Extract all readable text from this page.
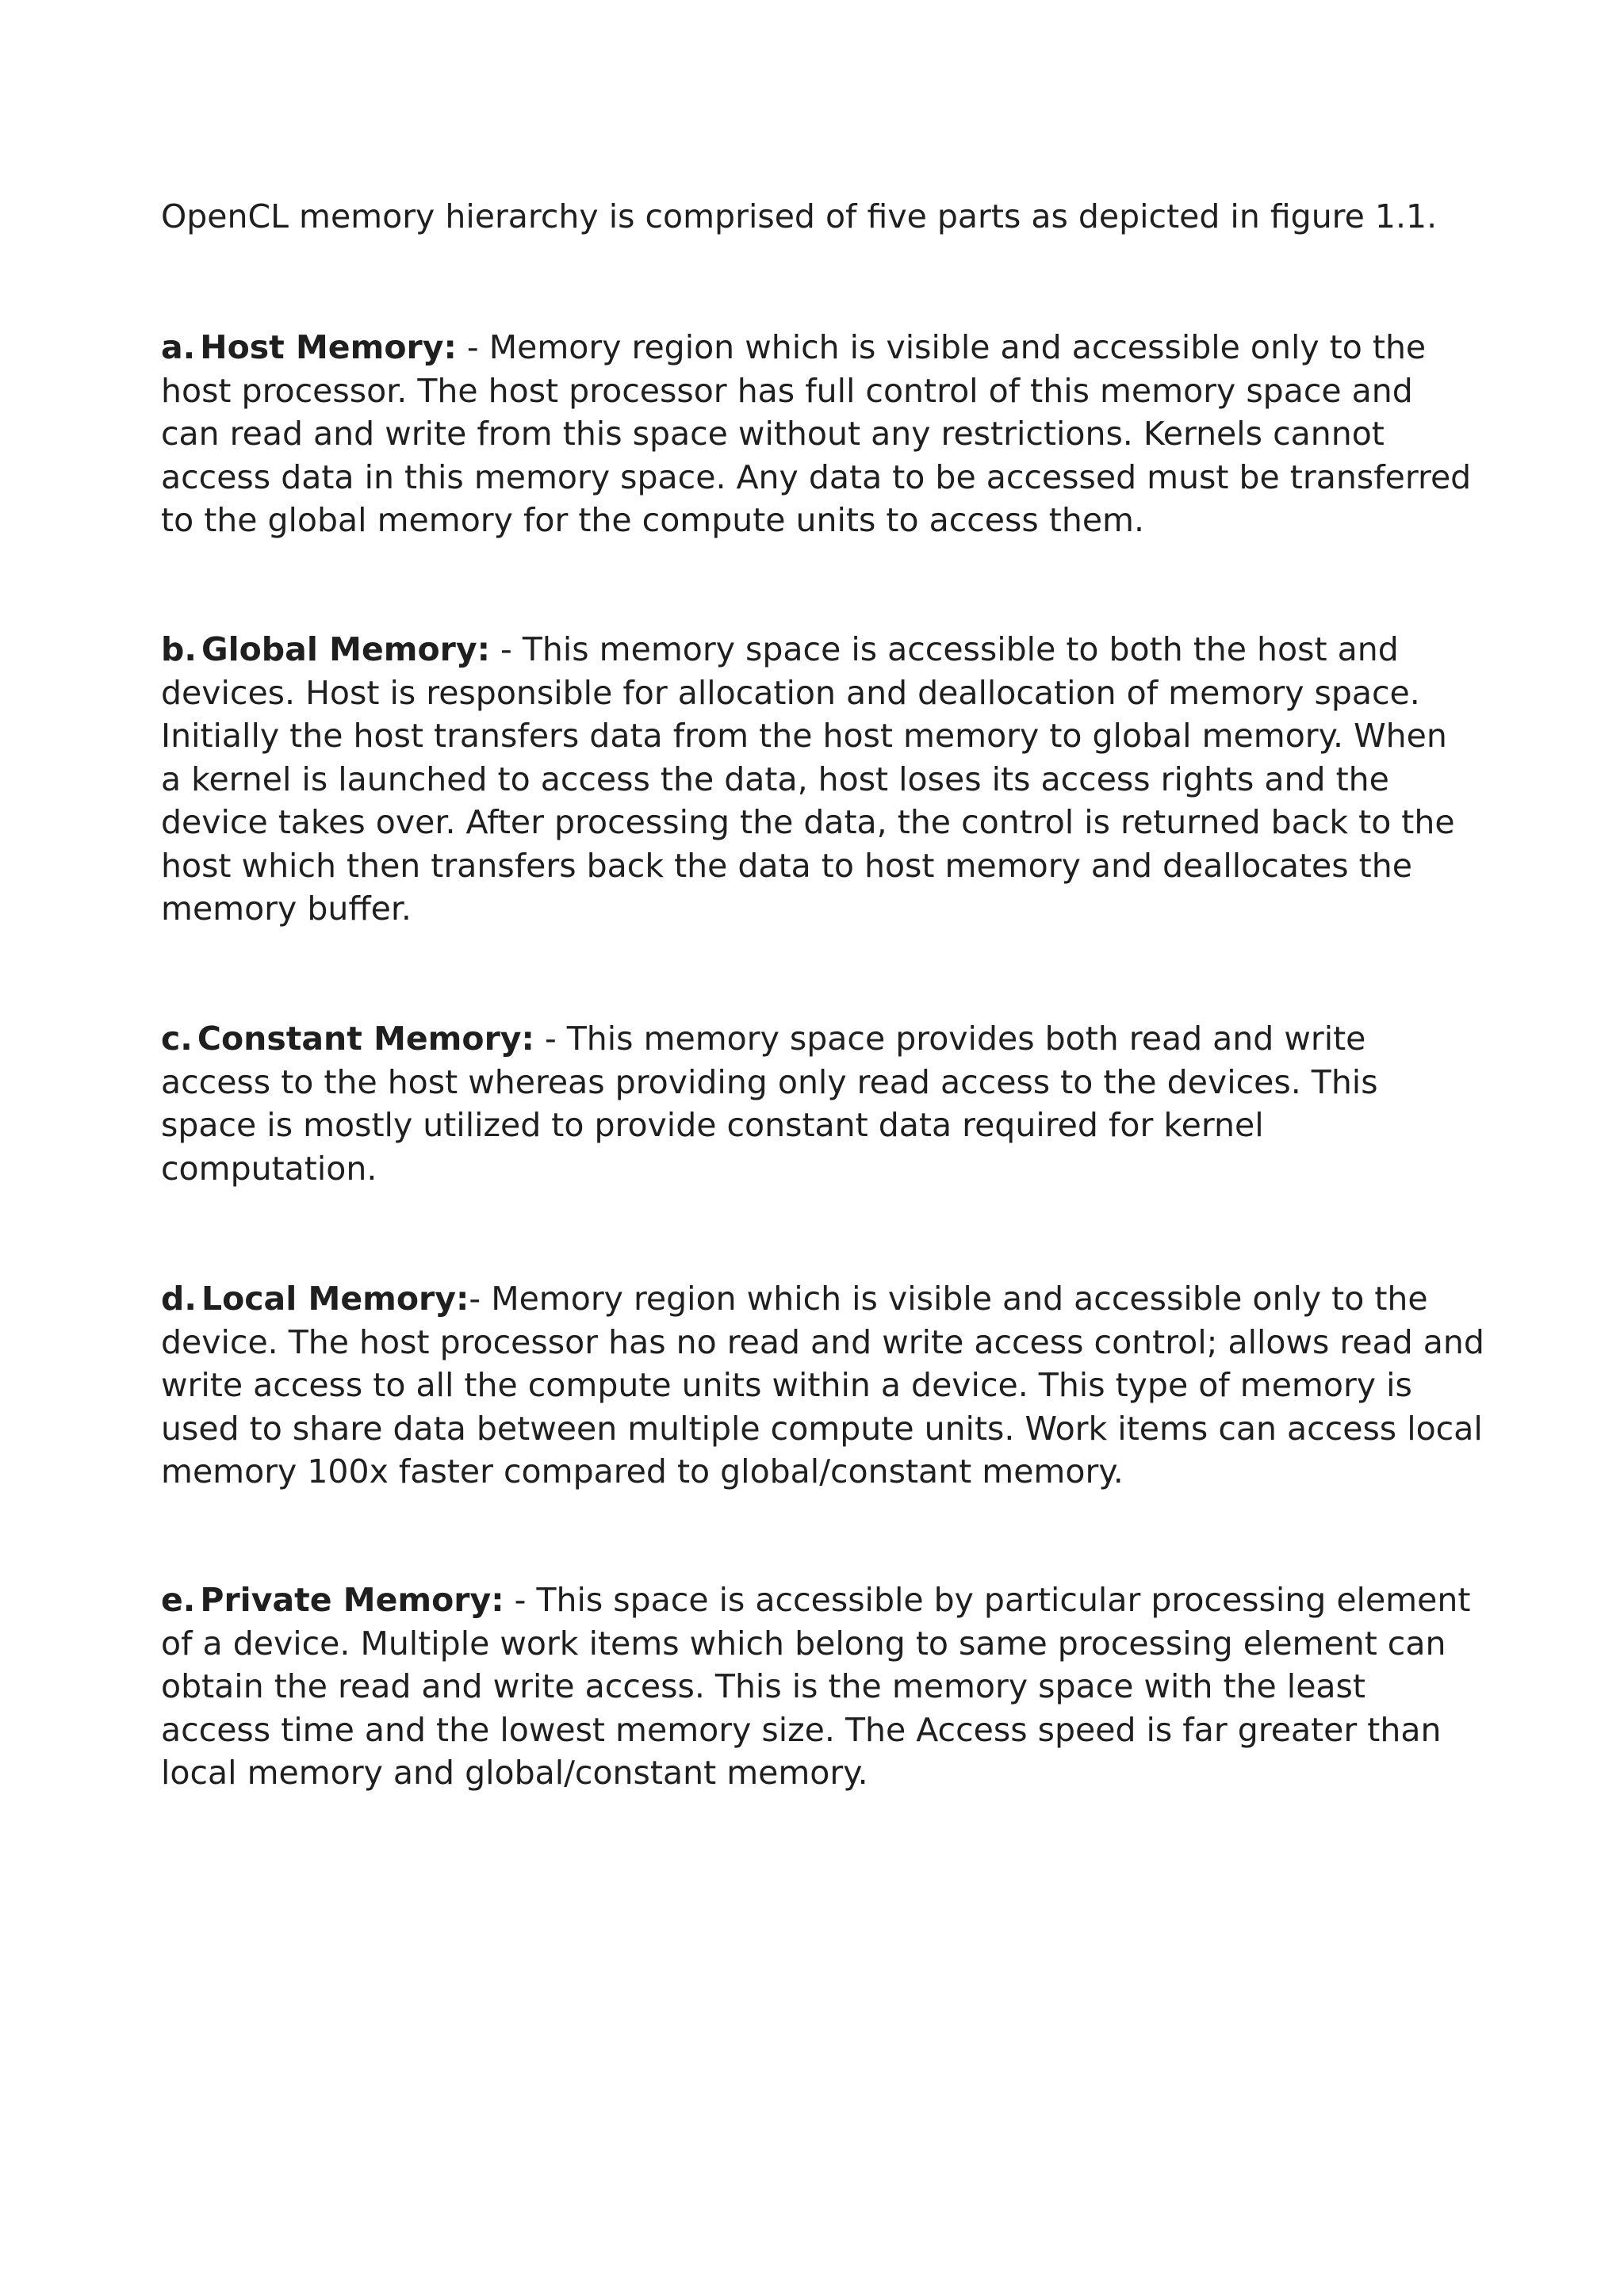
OpenCL memory hierarchy is comprised of five parts as depicted in figure 1.1.

a. Host Memory: - Memory region which is visible and accessible only to the host processor. The host processor has full control of this memory space and can read and write from this space without any restrictions. Kernels cannot access data in this memory space. Any data to be accessed must be transferred to the global memory for the compute units to access them.

b. Global Memory: - This memory space is accessible to both the host and devices. Host is responsible for allocation and deallocation of memory space. Initially the host transfers data from the host memory to global memory. When a kernel is launched to access the data, host loses its access rights and the device takes over. After processing the data, the control is returned back to the host which then transfers back the data to host memory and deallocates the memory buffer.

c. Constant Memory: - This memory space provides both read and write access to the host whereas providing only read access to the devices. This space is mostly utilized to provide constant data required for kernel computation.

d. Local Memory:- Memory region which is visible and accessible only to the device. The host processor has no read and write access control; allows read and write access to all the compute units within a device. This type of memory is used to share data between multiple compute units. Work items can access local memory 100x faster compared to global/constant memory.

e. Private Memory: - This space is accessible by particular processing element of a device. Multiple work items which belong to same processing element can obtain the read and write access. This is the memory space with the least access time and the lowest memory size. The Access speed is far greater than local memory and global/constant memory.
